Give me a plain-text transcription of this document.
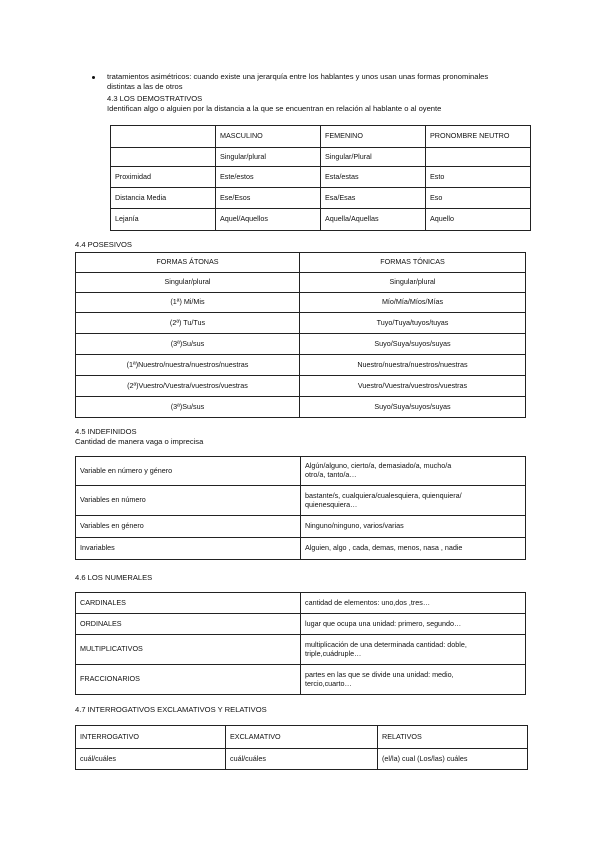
tratamientos asimétricos: cuando existe una jerarquía entre los hablantes y unos usan unas formas pronominales
distintas a las de otros
4.3 LOS DEMOSTRATIVOS
Identifican algo o alguien por la distancia a la que se encuentran en relación al hablante o al oyente
	MASCULINO	FEMENINO	PRONOMBRE NEUTRO
	Singular/plural	Singular/Plural	
Proximidad	Este/estos	Esta/estas	Esto
Distancia Media	Ese/Esos	Esa/Esas	Eso
Lejanía	Aquel/Aquellos	Aquella/Aquellas	Aquello
4.4 POSESIVOS
FORMAS ÁTONAS	FORMAS TÓNICAS
Singular/plural	Singular/plural
(1ª) Mi/Mis	Mío/Mía/Míos/Mías
(2ª) Tu/Tus	Tuyo/Tuya/tuyos/tuyas
(3ª)Su/sus	Suyo/Suya/suyos/suyas
(1ª)Nuestro/nuestra/nuestros/nuestras	Nuestro/nuestra/nuestros/nuestras
(2ª)Vuestro/Vuestra/vuestros/vuestras	Vuestro/Vuestra/vuestros/vuestras
(3ª)Su/sus	Suyo/Suya/suyos/suyas
4.5 INDEFINIDOS
Cantidad de manera vaga o imprecisa
Variable en número y género	Algún/alguno, cierto/a, demasiado/a, mucho/a
otro/a, tanto/a…

Variables en número	bastante/s, cualquiera/cualesquiera, quienquiera/
quienesquiera…

Variables en género	Ninguno/ninguno, varios/varias
Invariables	Alguien, algo , cada, demas, menos, nasa , nadie
4.6 LOS NUMERALES
CARDINALES	cantidad de elementos: uno,dos ,tres…
ORDINALES	lugar que ocupa una unidad: primero, segundo…
MULTIPLICATIVOS	multiplicación de una determinada cantidad: doble,
triple,cuádruple…

FRACCIONARIOS	partes en las que se divide una unidad: medio,
tercio,cuarto…
4.7 INTERROGATIVOS EXCLAMATIVOS Y RELATIVOS
INTERROGATIVO	EXCLAMATIVO	RELATIVOS
cuál/cuáles	cuál/cuáles	(el/la) cual (Los/las) cuáles
